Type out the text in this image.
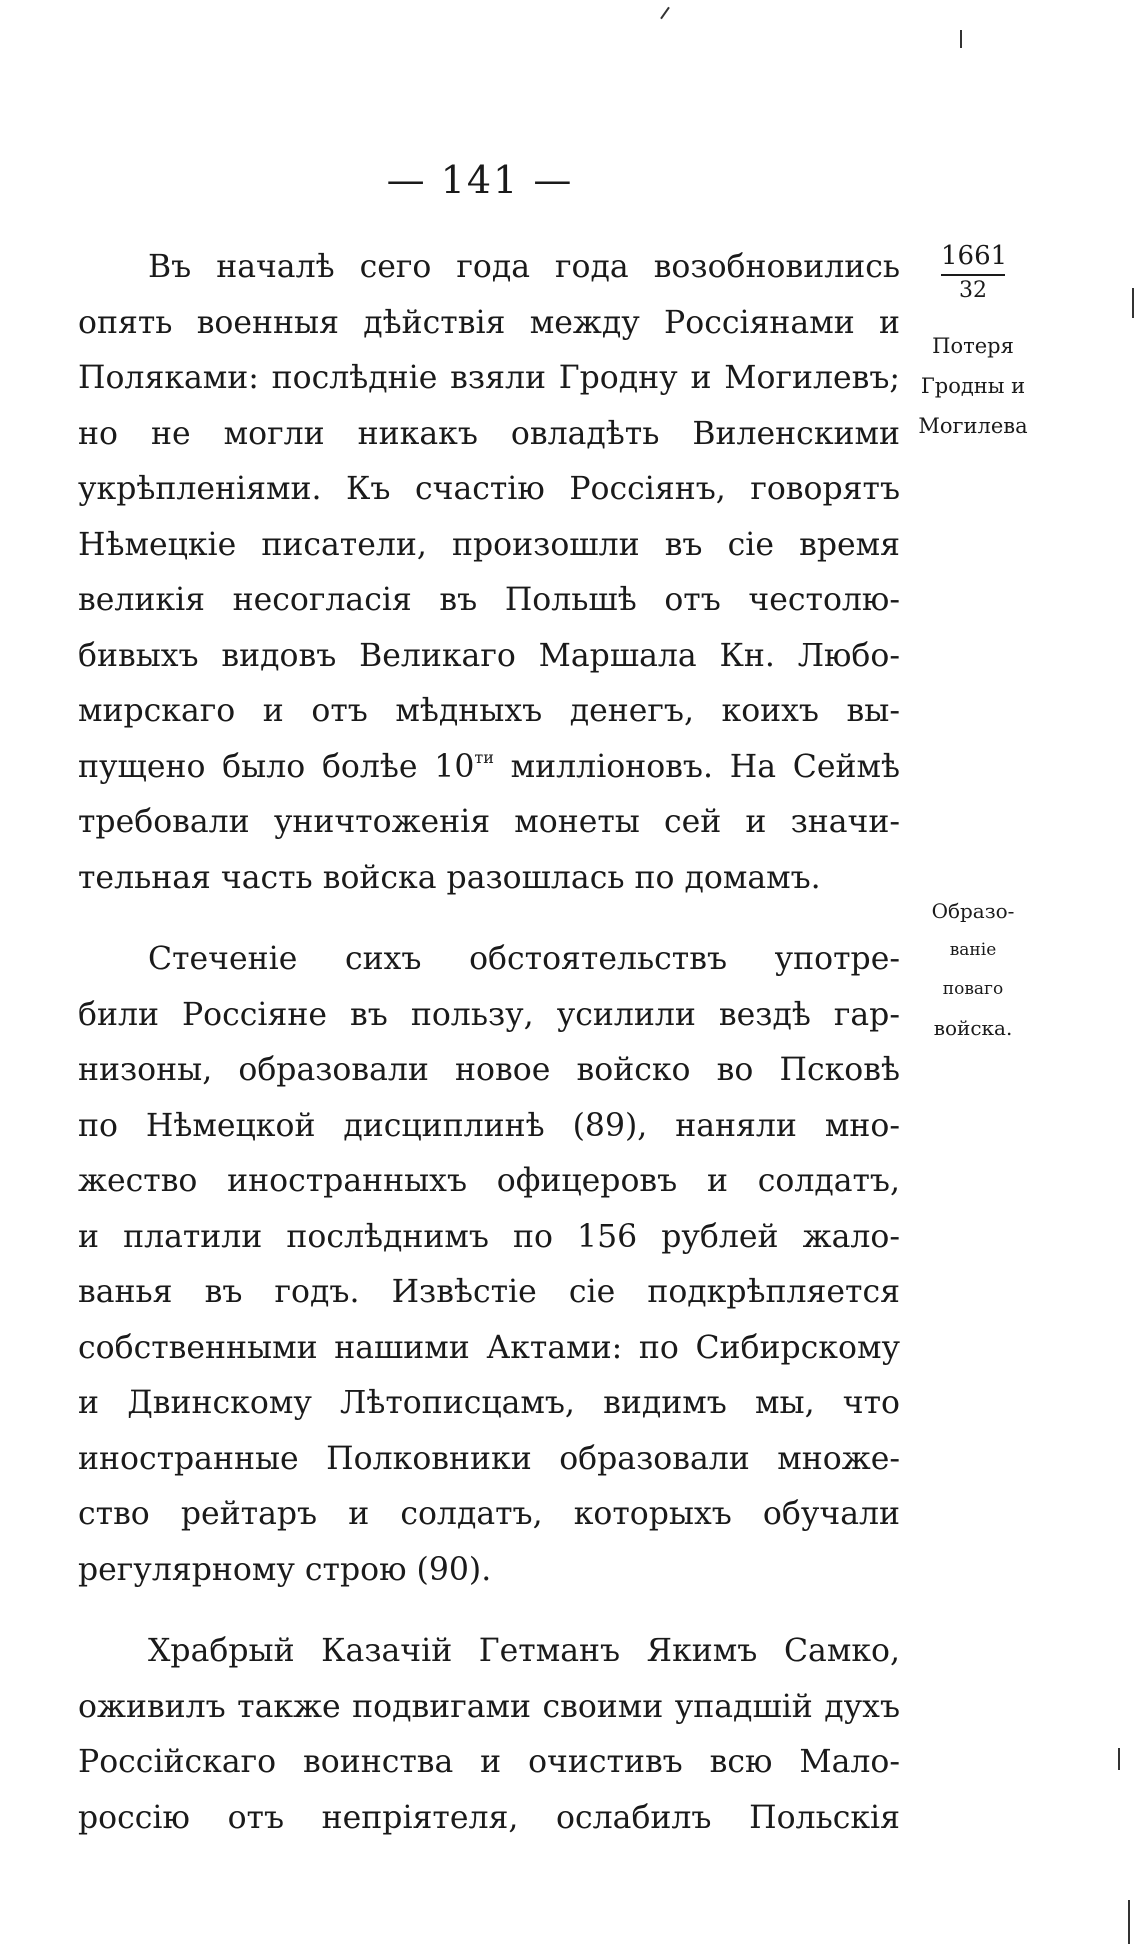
— 141 —
1661
32
Потеря
Гродны и
Могилева
Образо-
ваніе
поваго
войска.

Въ началѣ сего года года возобновились
опять военныя дѣйствія между Россіянами и
Поляками: послѣдніе взяли Гродну и Могилевъ;
но не могли никакъ овладѣть Виленскими
укрѣпленіями. Къ счастію Россіянъ, говорятъ
Нѣмецкіе писатели, произошли въ сіе время
великія несогласія въ Польшѣ отъ честолю-
бивыхъ видовъ Великаго Маршала Кн. Любо-
мирскаго и отъ мѣдныхъ денегъ, коихъ вы-
пущено было болѣе $10^{ти}$ миллioновъ. На Сеймѣ
требовали уничтоженія монеты сей и значи-
тельная часть войска разошлась по домамъ.

Стеченіе сихъ обстоятельствъ употре-
били Россіяне въ пользу, усилили вездѣ гар-
низоны, образовали новое войско во Псковѣ
по Нѣмецкой дисциплинѣ (89), наняли мно-
жество иностранныхъ офицеровъ и солдатъ,
и платили послѣднимъ по 156 рублей жало-
ванья въ годъ. Извѣстіе сіе подкрѣпляется
собственными нашими Актами: по Сибирскому
и Двинскому Лѣтописцамъ, видимъ мы, что
иностранные Полковники образовали множе-
ство рейтаръ и солдатъ, которыхъ обучали
регулярному строю (90).

Храбрый Казачій Гетманъ Якимъ Самко,
оживилъ также подвигами своими упадшій духъ
Россійскаго воинства и очистивъ всю Мало-
россію отъ непріятеля, ослабилъ Польскія
